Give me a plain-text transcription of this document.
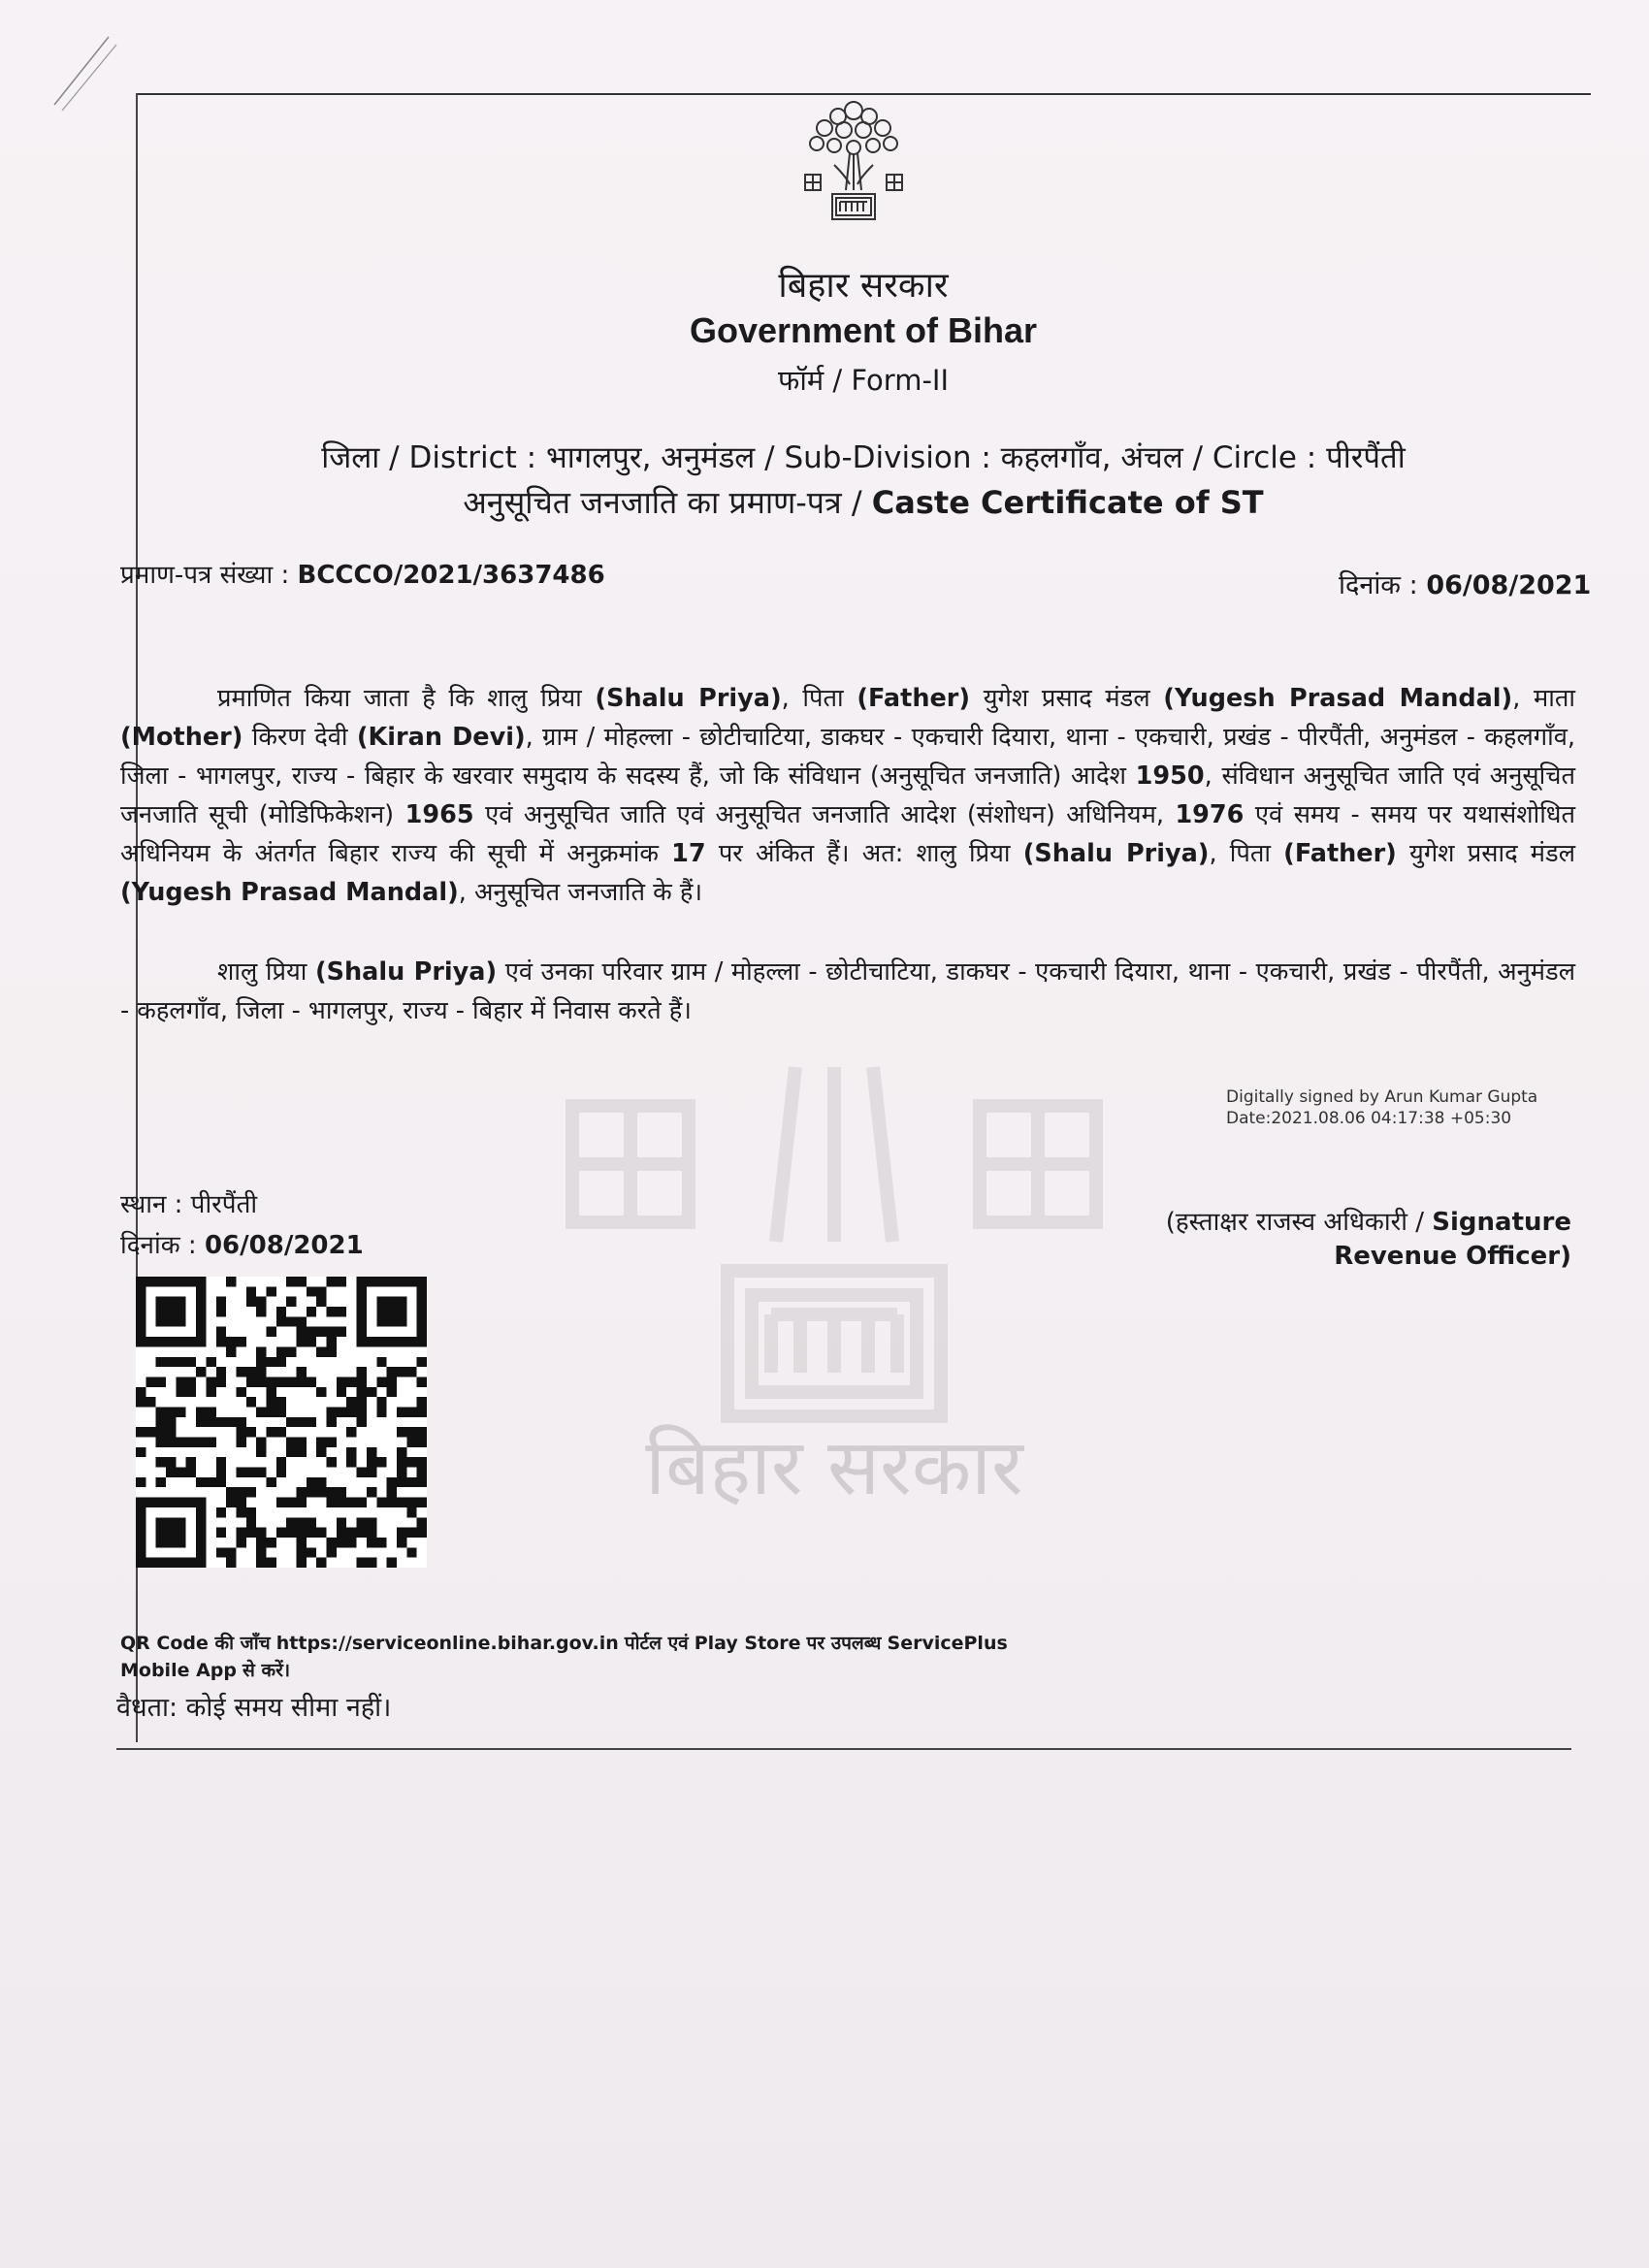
बिहार सरकार
Government of Bihar
फॉर्म / Form-II
जिला / District : भागलपुर, अनुमंडल / Sub-Division : कहलगाँव, अंचल / Circle : पीरपैंती
अनुसूचित जनजाति का प्रमाण-पत्र / Caste Certificate of ST
प्रमाण-पत्र संख्या : BCCCO/2021/3637486	दिनांक : 06/08/2021
प्रमाणित किया जाता है कि शालु प्रिया (Shalu Priya), पिता (Father) युगेश प्रसाद मंडल (Yugesh Prasad Mandal), माता (Mother) किरण देवी (Kiran Devi), ग्राम / मोहल्ला - छोटीचाटिया, डाकघर - एकचारी दियारा, थाना - एकचारी, प्रखंड - पीरपैंती, अनुमंडल - कहलगाँव, जिला - भागलपुर, राज्य - बिहार के खरवार समुदाय के सदस्य हैं, जो कि संविधान (अनुसूचित जनजाति) आदेश 1950, संविधान अनुसूचित जाति एवं अनुसूचित जनजाति सूची (मोडिफिकेशन) 1965 एवं अनुसूचित जाति एवं अनुसूचित जनजाति आदेश (संशोधन) अधिनियम, 1976 एवं समय - समय पर यथासंशोधित अधिनियम के अंतर्गत बिहार राज्य की सूची में अनुक्रमांक 17 पर अंकित हैं। अत: शालु प्रिया (Shalu Priya), पिता (Father) युगेश प्रसाद मंडल (Yugesh Prasad Mandal), अनुसूचित जनजाति के हैं।
शालु प्रिया (Shalu Priya) एवं उनका परिवार ग्राम / मोहल्ला - छोटीचाटिया, डाकघर - एकचारी दियारा, थाना - एकचारी, प्रखंड - पीरपैंती, अनुमंडल - कहलगाँव, जिला - भागलपुर, राज्य - बिहार में निवास करते हैं।
बिहार सरकार
Digitally signed by Arun Kumar Gupta
Date:2021.08.06 04:17:38 +05:30
स्थान : पीरपैंती
दिनांक : 06/08/2021
(हस्ताक्षर राजस्व अधिकारी / Signature
Revenue Officer)
QR Code की जाँच https://serviceonline.bihar.gov.in पोर्टल एवं Play Store पर उपलब्ध ServicePlus
Mobile App से करें।
वैधता: कोई समय सीमा नहीं।
